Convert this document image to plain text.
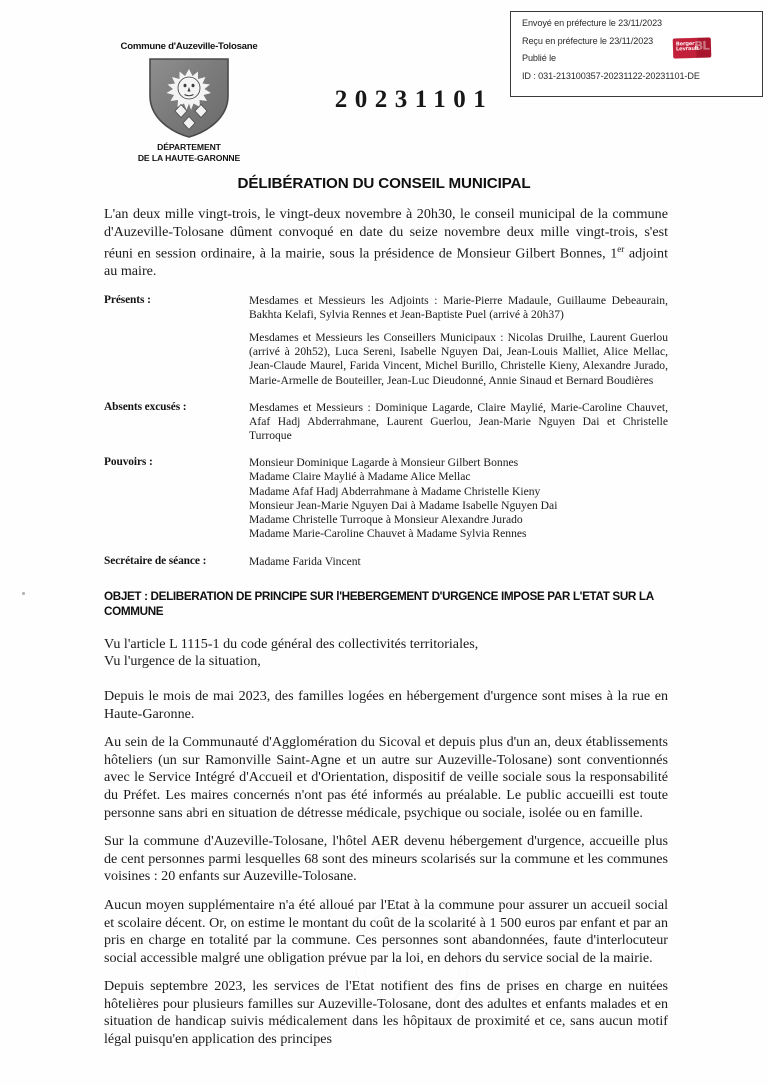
Envoyé en préfecture le 23/11/2023
Reçu en préfecture le 23/11/2023
Publié le
ID : 031-213100357-20231122-20231101-DE
Berger
Levrault
BL
Commune d'Auzeville-Tolosane
DÉPARTEMENT
DE LA HAUTE-GARONNE
20231101
DÉLIBÉRATION DU CONSEIL MUNICIPAL

L'an deux mille vingt-trois, le vingt-deux novembre à 20h30, le conseil municipal de la commune d'Auzeville-Tolosane dûment convoqué en date du seize novembre deux mille vingt-trois, s'est réuni en session ordinaire, à la mairie, sous la présidence de Monsieur Gilbert Bonnes, 1er adjoint au maire.

Présents :	Mesdames et Messieurs les Adjoints : Marie-Pierre Madaule, Guillaume Debeaurain, Bakhta Kelafi, Sylvia Rennes et Jean-Baptiste Puel (arrivé à 20h37)
Mesdames et Messieurs les Conseillers Municipaux : Nicolas Druilhe, Laurent Guerlou (arrivé à 20h52), Luca Sereni, Isabelle Nguyen Dai, Jean-Louis Malliet, Alice Mellac, Jean-Claude Maurel, Farida Vincent, Michel Burillo, Christelle Kieny, Alexandre Jurado, Marie-Armelle de Bouteiller, Jean-Luc Dieudonné, Annie Sinaud et Bernard Boudières

Absents excusés :	Mesdames et Messieurs : Dominique Lagarde, Claire Maylié, Marie-Caroline Chauvet, Afaf Hadj Abderrahmane, Laurent Guerlou, Jean-Marie Nguyen Dai et Christelle Turroque
Pouvoirs :	Monsieur Dominique Lagarde à Monsieur Gilbert Bonnes
Madame Claire Maylié à Madame Alice Mellac
Madame Afaf Hadj Abderrahmane à Madame Christelle Kieny
Monsieur Jean-Marie Nguyen Dai à Madame Isabelle Nguyen Dai
Madame Christelle Turroque à Monsieur Alexandre Jurado
Madame Marie-Caroline Chauvet à Madame Sylvia Rennes

Secrétaire de séance :	Madame Farida Vincent
OBJET : DELIBERATION DE PRINCIPE SUR l'HEBERGEMENT D'URGENCE IMPOSE PAR L'ETAT SUR LA COMMUNE
Vu l'article L 1115-1 du code général des collectivités territoriales,
Vu l'urgence de la situation,

Depuis le mois de mai 2023, des familles logées en hébergement d'urgence sont mises à la rue en Haute-Garonne.

Au sein de la Communauté d'Agglomération du Sicoval et depuis plus d'un an, deux établissements hôteliers (un sur Ramonville Saint-Agne et un autre sur Auzeville-Tolosane) sont conventionnés avec le Service Intégré d'Accueil et d'Orientation, dispositif de veille sociale sous la responsabilité du Préfet. Les maires concernés n'ont pas été informés au préalable. Le public accueilli est toute personne sans abri en situation de détresse médicale, psychique ou sociale, isolée ou en famille.

Sur la commune d'Auzeville-Tolosane, l'hôtel AER devenu hébergement d'urgence, accueille plus de cent personnes parmi lesquelles 68 sont des mineurs scolarisés sur la commune et les communes voisines : 20 enfants sur Auzeville-Tolosane.

Aucun moyen supplémentaire n'a été alloué par l'Etat à la commune pour assurer un accueil social et scolaire décent. Or, on estime le montant du coût de la scolarité à 1 500 euros par enfant et par an pris en charge en totalité par la commune. Ces personnes sont abandonnées, faute d'interlocuteur social accessible malgré une obligation prévue par la loi, en dehors du service social de la mairie.

Depuis septembre 2023, les services de l'Etat notifient des fins de prises en charge en nuitées hôtelières pour plusieurs familles sur Auzeville-Tolosane, dont des adultes et enfants malades et en situation de handicap suivis médicalement dans les hôpitaux de proximité et ce, sans aucun motif légal puisqu'en application des principes
